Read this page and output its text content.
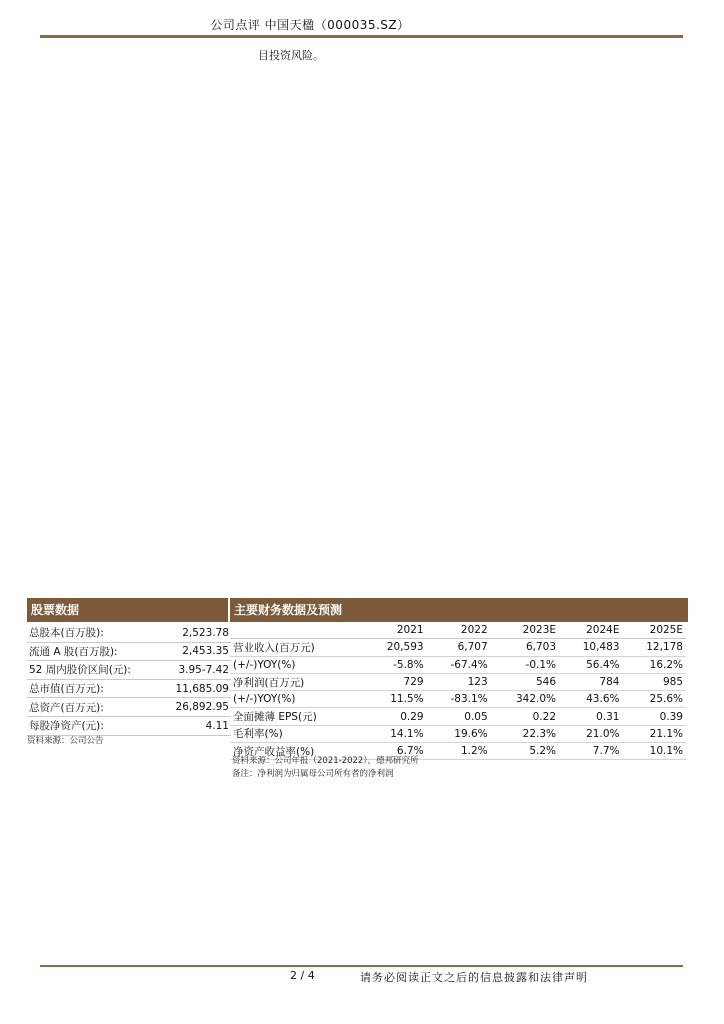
公司点评 中国天楹（000035.SZ）
目投资风险。
股票数据	主要财务数据及预测
总股本(百万股):	2,523.78
流通 A 股(百万股):	2,453.35
52 周内股价区间(元):	3.95-7.42
总市值(百万元):	11,685.09
总资产(百万元):	26,892.95
每股净资产(元):	4.11
资料来源：公司公告
	2021	2022	2023E	2024E	2025E
营业收入(百万元)	20,593	6,707	6,703	10,483	12,178
(+/-)YOY(%)	-5.8%	-67.4%	-0.1%	56.4%	16.2%
净利润(百万元)	729	123	546	784	985
(+/-)YOY(%)	11.5%	-83.1%	342.0%	43.6%	25.6%
全面摊薄 EPS(元)	0.29	0.05	0.22	0.31	0.39
毛利率(%)	14.1%	19.6%	22.3%	21.0%	21.1%
净资产收益率(%)	6.7%	1.2%	5.2%	7.7%	10.1%
资料来源：公司年报（2021-2022），德邦研究所
备注：净利润为归属母公司所有者的净利润
2 / 4	请务必阅读正文之后的信息披露和法律声明
